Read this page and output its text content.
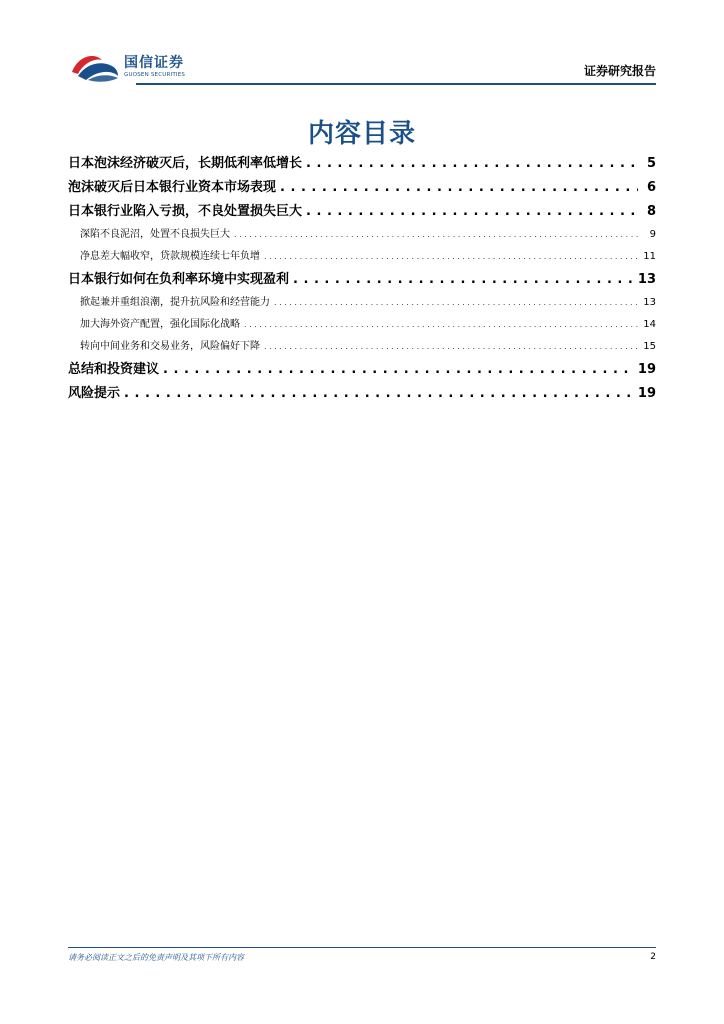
国信证券
GUOSEN SECURITIES	证券研究报告
内容目录
日本泡沫经济破灭后，长期低利率低增长 . . .	5
泡沫破灭后日本银行业资本市场表现 . . .	6
日本银行业陷入亏损，不良处置损失巨大 . . .	8
深陷不良泥沼，处置不良损失巨大 . . .	9
净息差大幅收窄，贷款规模连续七年负增 . . .	11
日本银行如何在负利率环境中实现盈利 . . .	13
掀起兼并重组浪潮，提升抗风险和经营能力 . . .	13
加大海外资产配置，强化国际化战略 . . .	14
转向中间业务和交易业务，风险偏好下降 . . .	15
总结和投资建议 . . .	19
风险提示 . . .	19
请务必阅读正文之后的免责声明及其项下所有内容	2
